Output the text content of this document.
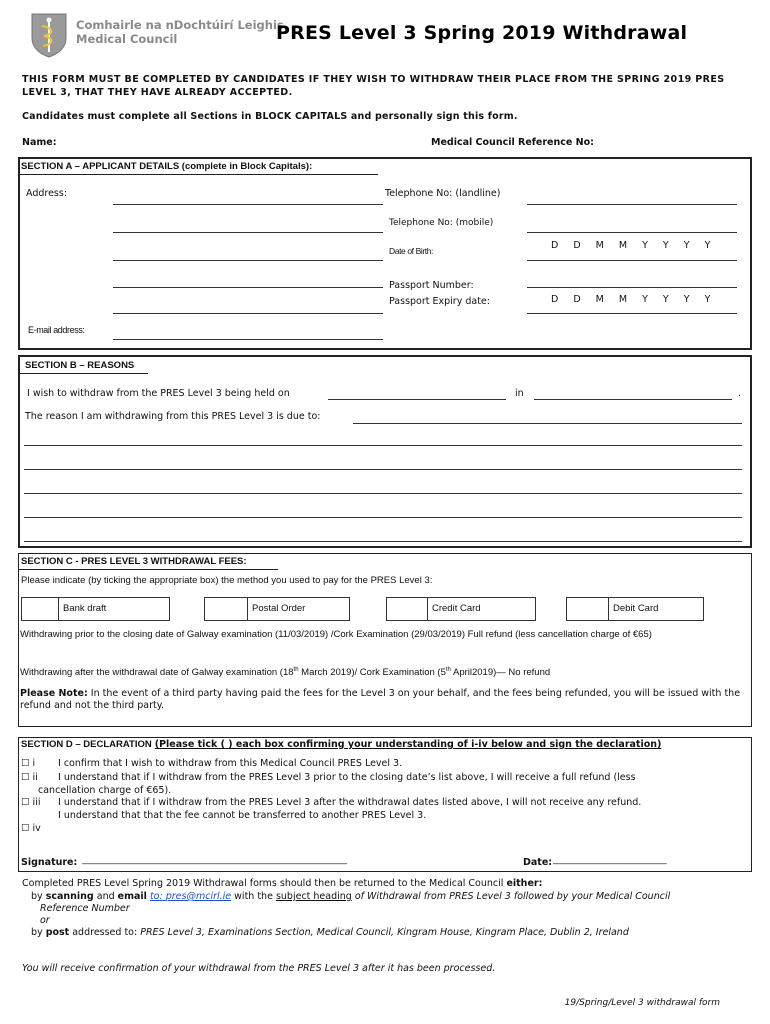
Comhairle na nDochtúirí Leighis
Medical Council	PRES Level 3 Spring 2019 Withdrawal
THIS FORM MUST BE COMPLETED BY CANDIDATES IF THEY WISH TO WITHDRAW THEIR PLACE FROM THE SPRING 2019 PRES LEVEL 3, THAT THEY HAVE ALREADY ACCEPTED.
Candidates must complete all Sections in BLOCK CAPITALS and personally sign this form.
Name:	Medical Council Reference No:
SECTION A – APPLICANT DETAILS (complete in Block Capitals):
Address:	Telephone No: (landline)
Telephone No: (mobile)
Date of Birth:	D D M M Y Y Y Y
Passport Number:
Passport Expiry date:	D D M M Y Y Y Y
E-mail address:
SECTION B – REASONS
I wish to withdraw from the PRES Level 3 being held on	in	.
The reason I am withdrawing from this PRES Level 3 is due to:
SECTION C - PRES LEVEL 3 WITHDRAWAL FEES:
Please indicate (by ticking the appropriate box) the method you used to pay for the PRES Level 3:
Bank draft	Postal Order	Credit Card	Debit Card
Withdrawing prior to the closing date of Galway examination (11/03/2019) /Cork Examination (29/03/2019) Full refund (less cancellation charge of €65)
Withdrawing after the withdrawal date of Galway examination (18th March 2019)/ Cork Examination (5th April2019)— No refund
Please Note: In the event of a third party having paid the fees for the Level 3 on your behalf, and the fees being refunded, you will be issued with the refund and not the third party.
SECTION D – DECLARATION (Please tick ( ) each box confirming your understanding of i-iv below and sign the declaration)
☐ i I confirm that I wish to withdraw from this Medical Council PRES Level 3.
☐ ii I understand that if I withdraw from the PRES Level 3 prior to the closing date’s list above, I will receive a full refund (less
cancellation charge of €65).
☐ iii I understand that if I withdraw from the PRES Level 3 after the withdrawal dates listed above, I will not receive any refund.
I understand that that the fee cannot be transferred to another PRES Level 3.
☐ iv
Signature: _______________________________________________________________	Date: ___________________________
Completed PRES Level Spring 2019 Withdrawal forms should then be returned to the Medical Council either:
by scanning and email to: pres@mcirl.ie with the subject heading of Withdrawal from PRES Level 3 followed by your Medical Council
Reference Number
or
by post addressed to: PRES Level 3, Examinations Section, Medical Council, Kingram House, Kingram Place, Dublin 2, Ireland
You will receive confirmation of your withdrawal from the PRES Level 3 after it has been processed.
19/Spring/Level 3 withdrawal form
